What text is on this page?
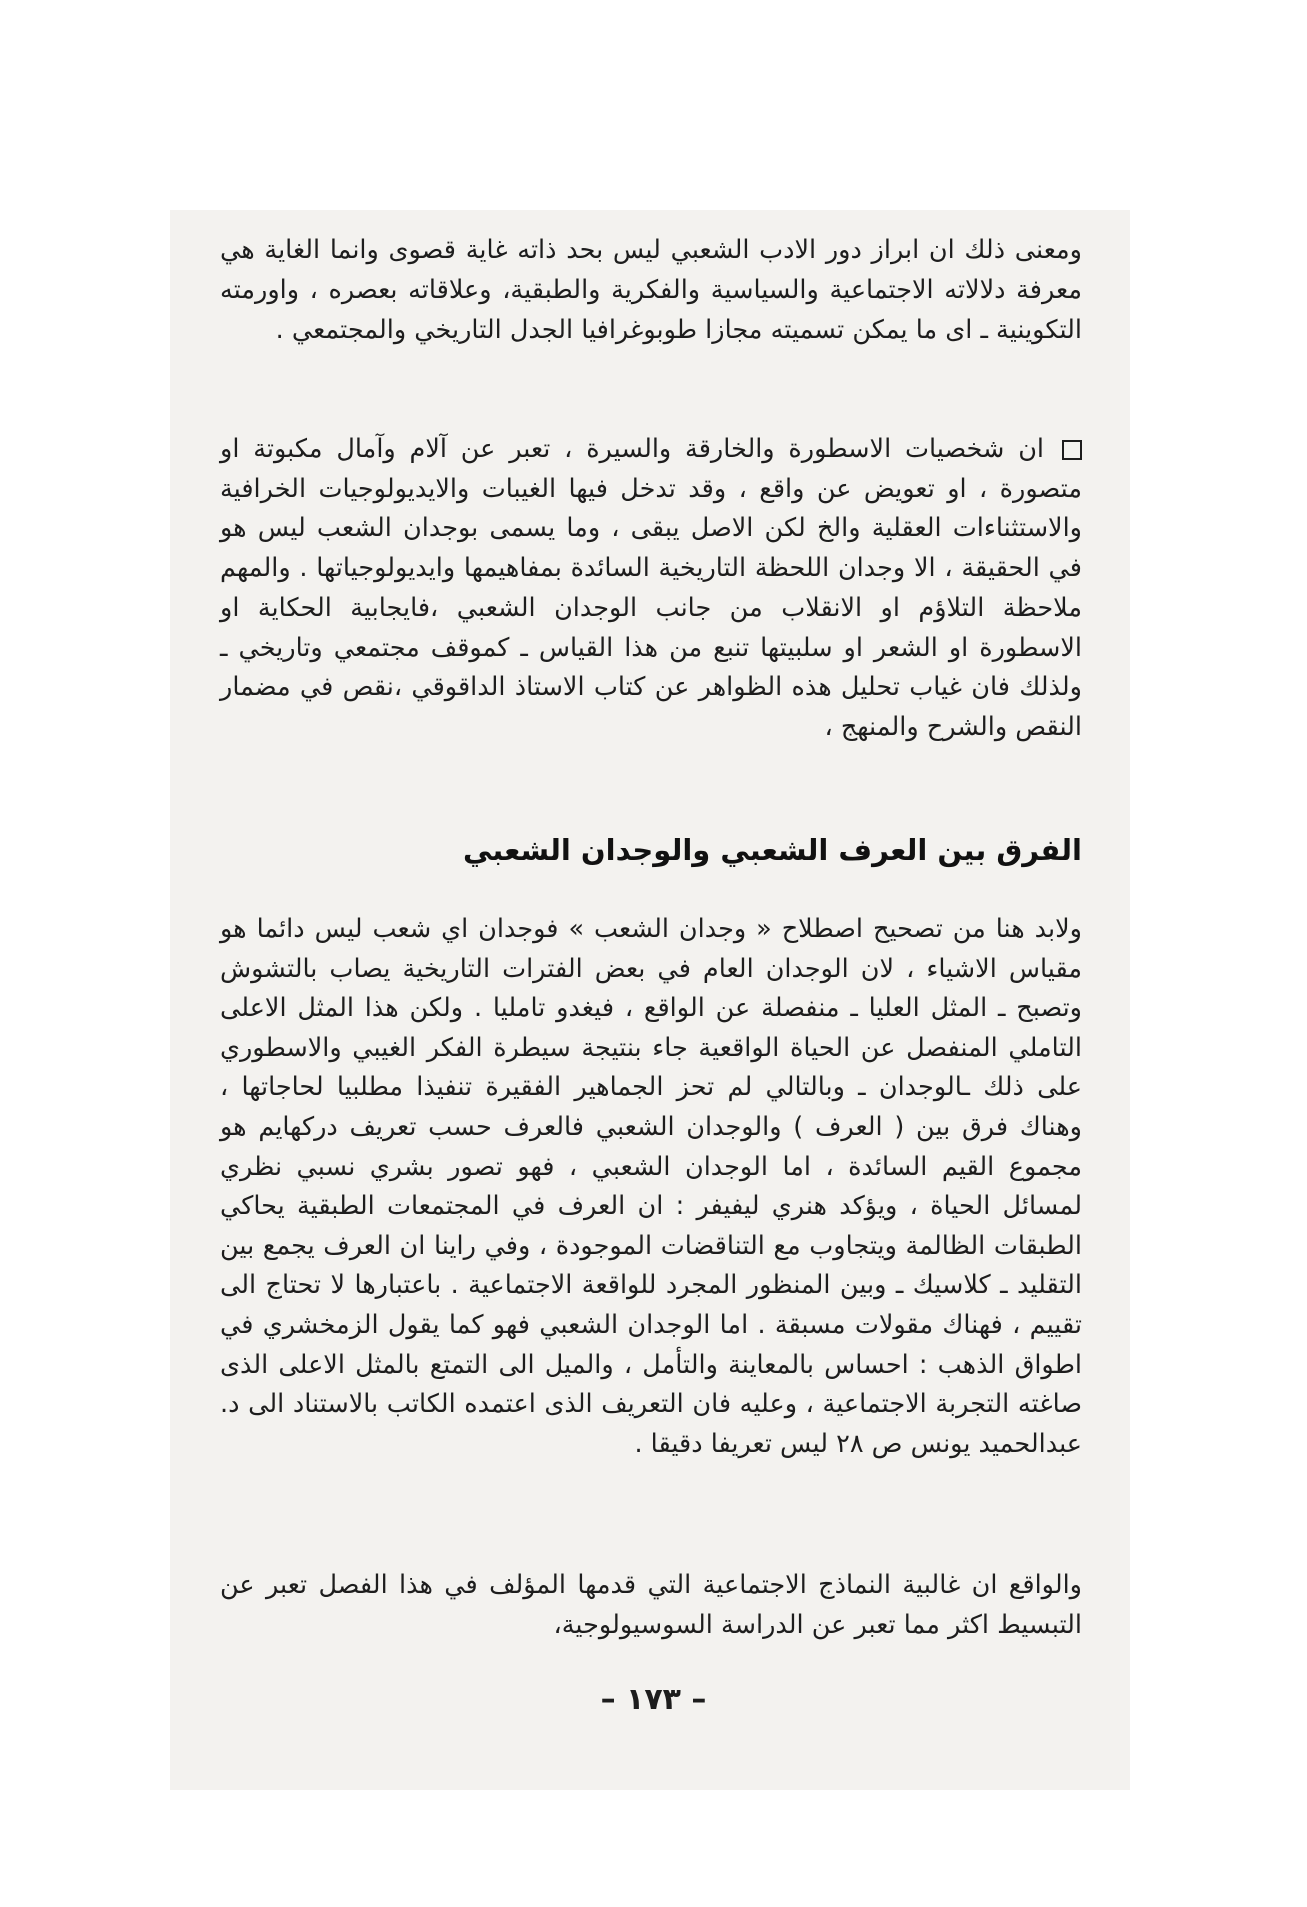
ومعنى ذلك ان ابراز دور الادب الشعبي ليس بحد ذاته غاية قصوى وانما الغاية هي معرفة دلالاته الاجتماعية والسياسية والفكرية والطبقية، وعلاقاته بعصره ، واورمته التكوينية ـ اى ما يمكن تسميته مجازا طوبوغرافيا الجدل التاريخي والمجتمعي .

ان شخصيات الاسطورة والخارقة والسيرة ، تعبر عن آلام وآمال مكبوتة او متصورة ، او تعويض عن واقع ، وقد تدخل فيها الغيبات والايديولوجيات الخرافية والاستثناءات العقلية والخ لكن الاصل يبقى ، وما يسمى بوجدان الشعب ليس هو في الحقيقة ، الا وجدان اللحظة التاريخية السائدة بمفاهيمها وايديولوجياتها . والمهم ملاحظة التلاؤم او الانقلاب من جانب الوجدان الشعبي ،فايجابية الحكاية او الاسطورة او الشعر او سلبيتها تنبع من هذا القياس ـ كموقف مجتمعي وتاريخي ـ ولذلك فان غياب تحليل هذه الظواهر عن كتاب الاستاذ الداقوقي ،نقص في مضمار النقص والشرح والمنهج ،

الفرق بين العرف الشعبي والوجدان الشعبي

ولابد هنا من تصحيح اصطلاح « وجدان الشعب » فوجدان اي شعب ليس دائما هو مقياس الاشياء ، لان الوجدان العام في بعض الفترات التاريخية يصاب بالتشوش وتصبح ـ المثل العليا ـ منفصلة عن الواقع ، فيغدو تامليا . ولكن هذا المثل الاعلى التاملي المنفصل عن الحياة الواقعية جاء بنتيجة سيطرة الفكر الغيبي والاسطوري على ذلك ـالوجدان ـ وبالتالي لم تحز الجماهير الفقيرة تنفيذا مطلبيا لحاجاتها ، وهناك فرق بين ( العرف ) والوجدان الشعبي فالعرف حسب تعريف دركهايم هو مجموع القيم السائدة ، اما الوجدان الشعبي ، فهو تصور بشري نسبي نظري لمسائل الحياة ، ويؤكد هنري ليفيفر : ان العرف في المجتمعات الطبقية يحاكي الطبقات الظالمة ويتجاوب مع التناقضات الموجودة ، وفي راينا ان العرف يجمع بين التقليد ـ كلاسيك ـ وبين المنظور المجرد للواقعة الاجتماعية . باعتبارها لا تحتاج الى تقييم ، فهناك مقولات مسبقة . اما الوجدان الشعبي فهو كما يقول الزمخشري في اطواق الذهب : احساس بالمعاينة والتأمل ، والميل الى التمتع بالمثل الاعلى الذى صاغته التجربة الاجتماعية ، وعليه فان التعريف الذى اعتمده الكاتب بالاستناد الى د. عبدالحميد يونس ص ٢٨ ليس تعريفا دقيقا .

والواقع ان غالبية النماذج الاجتماعية التي قدمها المؤلف في هذا الفصل تعبر عن التبسيط اكثر مما تعبر عن الدراسة السوسيولوجية،

– ١٧٣ –
